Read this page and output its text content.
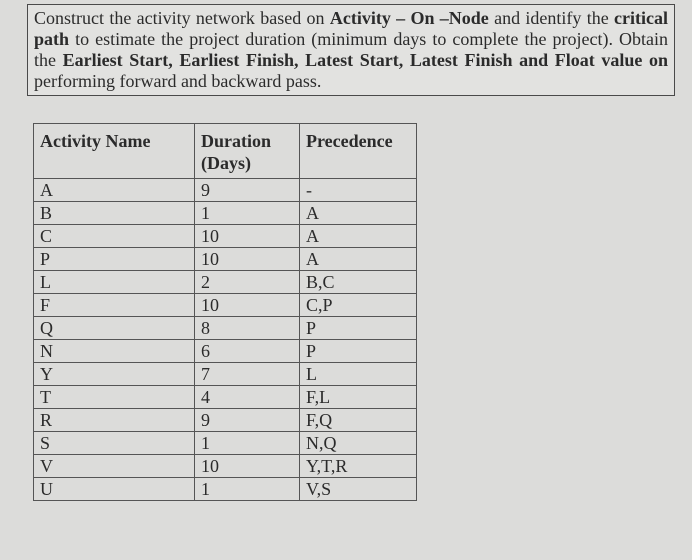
Construct the activity network based on Activity – On –Node and identify the critical path to estimate the project duration (minimum days to complete the project). Obtain the Earliest Start, Earliest Finish, Latest Start, Latest Finish and Float value on performing forward and backward pass.
Activity Name	Duration (Days)	Precedence
A	9	-
B	1	A
C	10	A
P	10	A
L	2	B,C
F	10	C,P
Q	8	P
N	6	P
Y	7	L
T	4	F,L
R	9	F,Q
S	1	N,Q
V	10	Y,T,R
U	1	V,S
